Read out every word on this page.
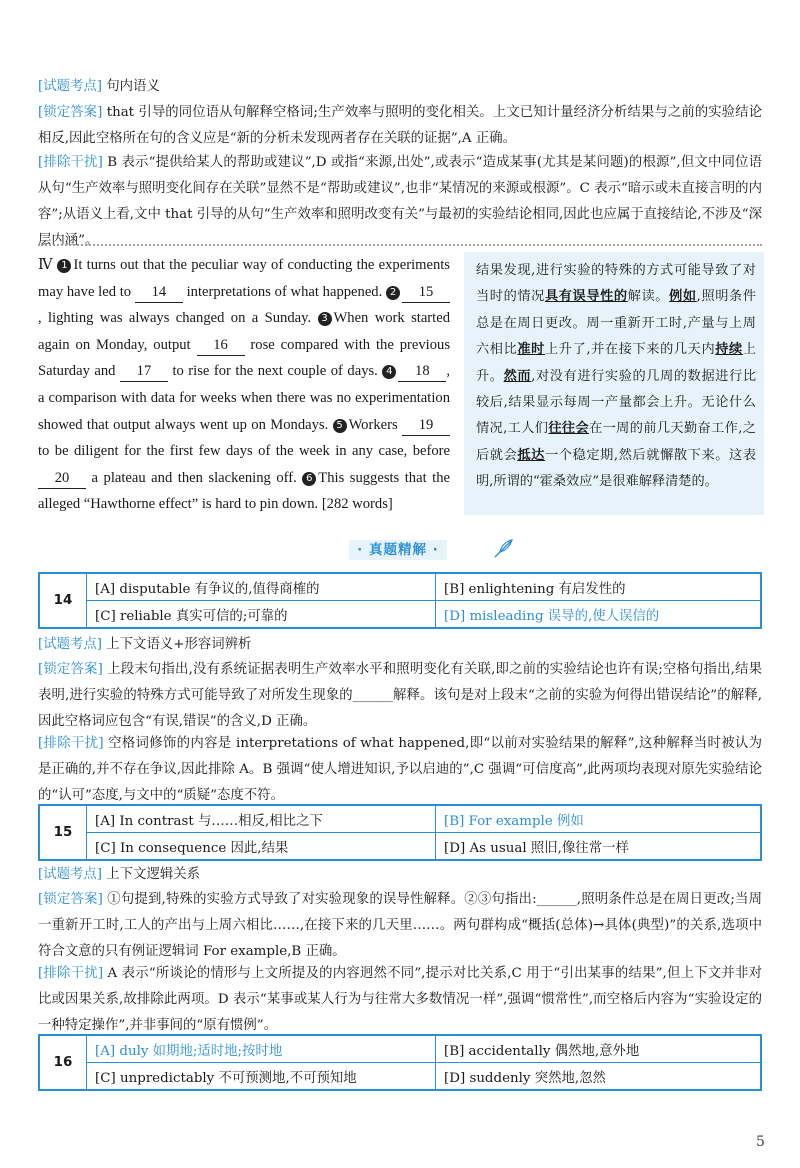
[试题考点] 句内语义
[锁定答案] that 引导的同位语从句解释空格词;生产效率与照明的变化相关。上文已知计量经济分析结果与之前的实验结论相反,因此空格所在句的含义应是“新的分析未发现两者存在关联的证据”,A 正确。
[排除干扰] B 表示“提供给某人的帮助或建议”,D 或指“来源,出处”,或表示“造成某事(尤其是某问题)的根源”,但文中同位语从句“生产效率与照明变化间存在关联”显然不是“帮助或建议”,也非“某情况的来源或根源”。C 表示“暗示或未直接言明的内容”;从语义上看,文中 that 引导的从句“生产效率和照明改变有关”与最初的实验结论相同,因此也应属于直接结论,不涉及“深层内涵”。
Ⅳ 1 It turns out that the peculiar way of conducting the experiments may have led to 14 interpretations of what happened. 2 15, lighting was always changed on a Sunday. 3 When work started again on Monday, output 16 rose compared with the previous Saturday and 17 to rise for the next couple of days. 4 18 , a comparison with data for weeks when there was no experimentation showed that output always went up on Mondays. 5 Workers 19 to be diligent for the first few days of the week in any case, before 20 a plateau and then slackening off. 6 This suggests that the alleged “Hawthorne effect” is hard to pin down. [282 words]
结果发现,进行实验的特殊的方式可能导致了对当时的情况具有误导性的解读。例如,照明条件总是在周日更改。周一重新开工时,产量与上周六相比准时上升了,并在接下来的几天内持续上升。然而,对没有进行实验的几周的数据进行比较后,结果显示每周一产量都会上升。无论什么情况,工人们往往会在一周的前几天勤奋工作,之后就会抵达一个稳定期,然后就懈散下来。这表明,所谓的“霍桑效应”是很难解释清楚的。
· 真题精解 ·
14	[A] disputable 有争议的,值得商榷的	[B] enlightening 有启发性的
	[C] reliable 真实可信的;可靠的	[D] misleading 误导的,使人误信的
[试题考点] 上下文语义+形容词辨析
[锁定答案] 上段末句指出,没有系统证据表明生产效率水平和照明变化有关联,即之前的实验结论也许有误;空格句指出,结果表明,进行实验的特殊方式可能导致了对所发生现象的______解释。该句是对上段末“之前的实验为何得出错误结论”的解释,因此空格词应包含“有误,错误”的含义,D 正确。
[排除干扰] 空格词修饰的内容是 interpretations of what happened,即“以前对实验结果的解释”,这种解释当时被认为是正确的,并不存在争议,因此排除 A。B 强调“使人增进知识,予以启迪的”,C 强调“可信度高”,此两项均表现对原先实验结论的“认可”态度,与文中的“质疑”态度不符。
15	[A] In contrast 与……相反,相比之下	[B] For example 例如
	[C] In consequence 因此,结果	[D] As usual 照旧,像往常一样
[试题考点] 上下文逻辑关系
[锁定答案] ①句提到,特殊的实验方式导致了对实验现象的误导性解释。②③句指出:______,照明条件总是在周日更改;当周一重新开工时,工人的产出与上周六相比……,在接下来的几天里……。两句群构成“概括(总体)→具体(典型)”的关系,选项中符合文意的只有例证逻辑词 For example,B 正确。
[排除干扰] A 表示“所谈论的情形与上文所提及的内容迥然不同”,提示对比关系,C 用于“引出某事的结果”,但上下文并非对比或因果关系,故排除此两项。D 表示“某事或某人行为与往常大多数情况一样”,强调“惯常性”,而空格后内容为“实验设定的一种特定操作”,并非事间的“原有惯例”。
16	[A] duly 如期地;适时地;按时地	[B] accidentally 偶然地,意外地
	[C] unpredictably 不可预测地,不可预知地	[D] suddenly 突然地,忽然
5
